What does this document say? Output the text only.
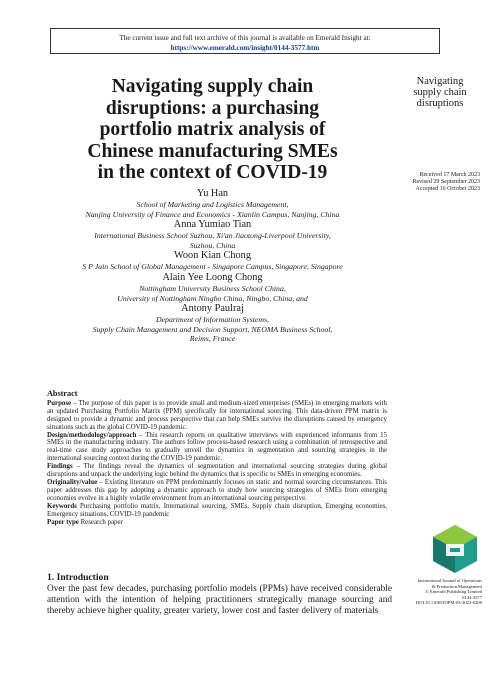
The current issue and full text archive of this journal is available on Emerald Insight at:
https://www.emerald.com/insight/0144-3577.htm
Navigating supply chain
disruptions: a purchasing
portfolio matrix analysis of
Chinese manufacturing SMEs
in the context of COVID-19
Yu Han
School of Marketing and Logistics Management,
Nanjing University of Finance and Economics - Xianlin Campus, Nanjing, China
Anna Yumiao Tian
International Business School Suzhou, Xi'an Jiaotong-Liverpool University,
Suzhou, China
Woon Kian Chong
S P Jain School of Global Management - Singapore Campus, Singapore, Singapore
Alain Yee Loong Chong
Nottingham University Business School China,
University of Nottingham Ningbo China, Ningbo, China, and
Antony Paulraj
Department of Information Systems,
Supply Chain Management and Decision Support, NEOMA Business School,
Reims, France
Navigating
supply chain
disruptions
Received 17 March 2023
Revised 29 September 2023
Accepted 16 October 2023
Abstract

Purpose – The purpose of this paper is to provide small and medium-sized enterprises (SMEs) in emerging markets with an updated Purchasing Portfolio Matrix (PPM) specifically for international sourcing. This data-driven PPM matrix is designed to provide a dynamic and process perspective that can help SMEs survive the disruptions caused by emergency situations such as the global COVID-19 pandemic.

Design/methodology/approach – This research reports on qualitative interviews with experienced informants from 15 SMEs in the manufacturing industry. The authors follow process-based research using a combination of retrospective and real-time case study approaches to gradually unveil the dynamics in segmentation and sourcing strategies in the international sourcing context during the COVID-19 pandemic.

Findings – The findings reveal the dynamics of segmentation and international sourcing strategies during global disruptions and unpack the underlying logic behind the dynamics that is specific to SMEs in emerging economies.

Originality/value – Existing literature on PPM predominantly focuses on static and normal sourcing circumstances. This paper addresses this gap by adopting a dynamic approach to study how sourcing strategies of SMEs from emerging economies evolve in a highly volatile environment from an international sourcing perspective.

Keywords Purchasing portfolio matrix, International sourcing, SMEs, Supply chain disruption, Emerging economies, Emergency situations, COVID-19 pandemic

Paper type Research paper

1. Introduction
Over the past few decades, purchasing portfolio models (PPMs) have received considerable attention with the intention of helping practitioners strategically manage sourcing and thereby achieve higher quality, greater variety, lower cost and faster delivery of materials
International Journal of Operations
& Production Management
© Emerald Publishing Limited
0144-3577
DOI 10.1108/IJOPM-03-2023-0200
